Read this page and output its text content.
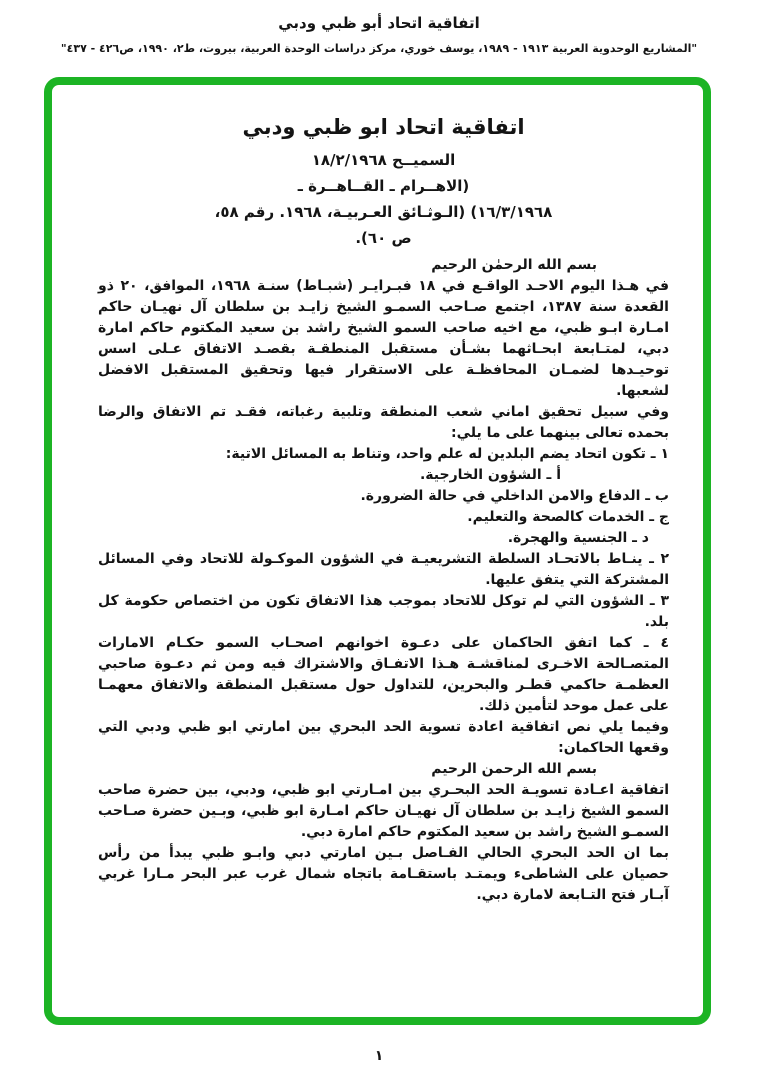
اتفاقية اتحاد أبو ظبي ودبي
"المشاريع الوحدوية العربية ١٩١٣ - ١٩٨٩، يوسف خوري، مركز دراسات الوحدة العربية، بيروت، ط٢، ١٩٩٠، ص٤٢٦ - ٤٣٧"
اتفاقية اتحاد ابو ظبي ودبي
السميــح ١٨/٢/١٩٦٨
(الاهــرام ـ القــاهــرة ـ
١٦/٣/١٩٦٨) (الـوثـائق العـربيـة، ١٩٦٨. رقم ٥٨،
ص ٦٠).

بسم الله الرحمٰن الرحيم

في هـذا اليوم الاحـد الواقـع في ١٨ فبـرايـر (شبـاط) سنـة ١٩٦٨، الموافق، ٢٠ ذو القعدة سنة ١٣٨٧، اجتمع صـاحب السمـو الشيخ زايـد بن سلطان آل نهيـان حاكم امـارة ابـو ظبي، مع اخيه صاحب السمو الشيخ راشد بن سعيد المكتوم حاكم امارة دبي، لمتـابعة ابحـاثهما بشـأن مستقبل المنطقـة بقصـد الاتفاق عـلى اسس توحيـدها لضمـان المحافظـة على الاستقرار فيها وتحقيق المستقبل الافضل لشعبها.

وفي سبيل تحقيق اماني شعب المنطقة وتلبية رغباته، فقـد تم الاتفاق والرضا بحمده تعالى بينهما على ما يلي:

١ ـ تكون اتحاد يضم البلدين له علم واحد، وتناط به المسائل الاتية:

أ ـ الشؤون الخارجية.

ب ـ الدفاع والامن الداخلي في حالة الضرورة.

ج ـ الخدمات كالصحة والتعليم.

د ـ الجنسية والهجرة.

٢ ـ ينـاط بالاتحـاد السلطة التشريعيـة في الشؤون الموكـولة للاتحاد وفي المسائل المشتركة التي يتفق عليها.

٣ ـ الشؤون التي لم توكل للاتحاد بموجب هذا الاتفاق تكون من اختصاص حكومة كل بلد.

٤ ـ كما اتفق الحاكمان على دعـوة اخوانهم اصحـاب السمو حكـام الامارات المتصـالحة الاخـرى لمناقشـة هـذا الاتفـاق والاشتراك فيه ومن ثم دعـوة صاحبي العظمـة حاكمي قطـر والبحرين، للتداول حول مستقبل المنطقة والاتفاق معهمـا على عمل موحد لتأمين ذلك.

وفيما يلي نص اتفاقية اعادة تسوية الحد البحري بين امارتي ابو ظبي ودبي التي وقعها الحاكمان:

بسم الله الرحمن الرحيم

اتفاقية اعـادة تسويـة الحد البحـري بين امـارتي ابو ظبي، ودبي، بين حضرة صاحب السمو الشيخ زايـد بن سلطان آل نهيـان حاكم امـارة ابو ظبي، وبـين حضرة صـاحب السمـو الشيخ راشد بن سعيد المكتوم حاكم امارة دبي.

بما ان الحد البحري الحالي الفـاصل بـين امارتي دبي وابـو ظبي يبدأ من رأس حصيان على الشاطىء ويمتـد باستقـامة باتجاه شمال غرب عبر البحر مـارا غربي آبـار فتح التـابعة لامارة دبي.

١
